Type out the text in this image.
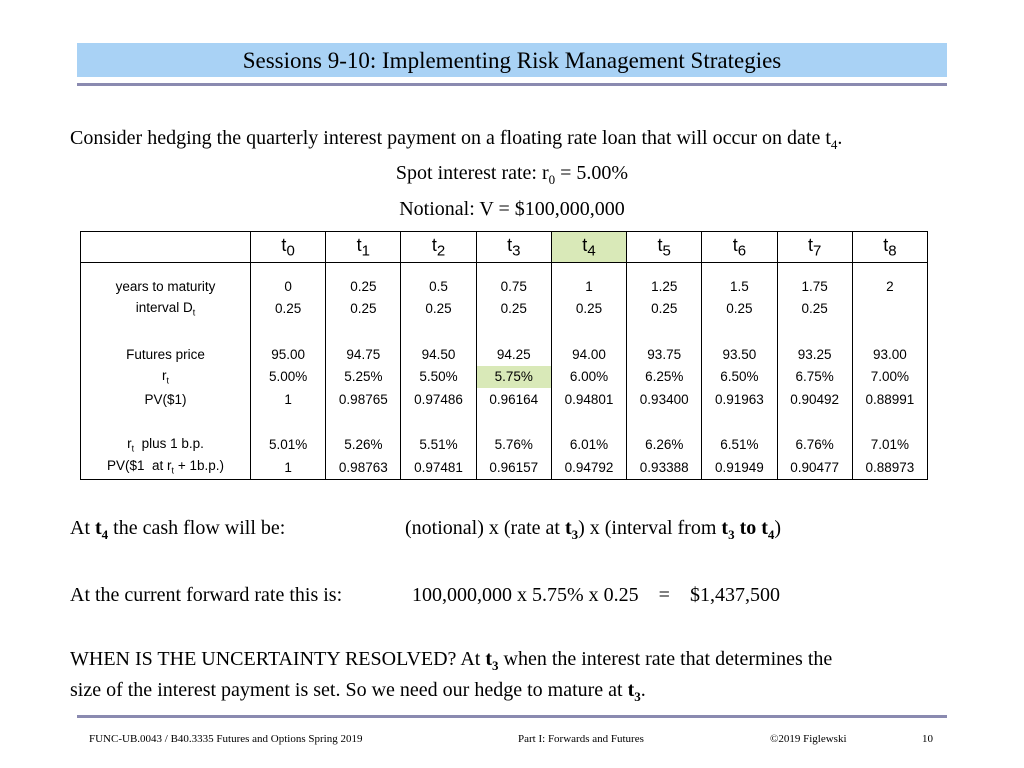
Sessions 9-10: Implementing Risk Management Strategies
Consider hedging the quarterly interest payment on a floating rate loan that will occur on date $t_4$.
Spot interest rate: $r_0 = 5.00\%$
Notional: V = $100,000,000
	$t_0$	$t_1$	$t_2$	$t_3$	$t_4$	$t_5$	$t_6$	$t_7$	$t_8$

years to maturity	0	0.25	0.5	0.75	1	1.25	1.5	1.75	2
interval $D_t$	0.25	0.25	0.25	0.25	0.25	0.25	0.25	0.25	

Futures price	95.00	94.75	94.50	94.25	94.00	93.75	93.50	93.25	93.00
$r_t$	5.00%	5.25%	5.50%	5.75%	6.00%	6.25%	6.50%	6.75%	7.00%
PV($1)	1	0.98765	0.97486	0.96164	0.94801	0.93400	0.91963	0.90492	0.88991

$r_t$  plus 1 b.p.	5.01%	5.26%	5.51%	5.76%	6.01%	6.26%	6.51%	6.76%	7.01%
PV($1  at $r_t + 1b.p$.)	1	0.98763	0.97481	0.96157	0.94792	0.93388	0.91949	0.90477	0.88973
At $t_4$ the cash flow will be:	(notional) x (rate at $t_3$) x (interval from $t_3$ to $t_4$)
At the current forward rate this is:	100,000,000 x 5.75% x 0.25    =    $1,437,500
WHEN IS THE UNCERTAINTY RESOLVED? At $t_3$ when the interest rate that determines the
size of the interest payment is set. So we need our hedge to mature at $t_3$.
FUNC-UB.0043 / B40.3335 Futures and Options Spring 2019	Part I: Forwards and Futures	©2019 Figlewski	10
